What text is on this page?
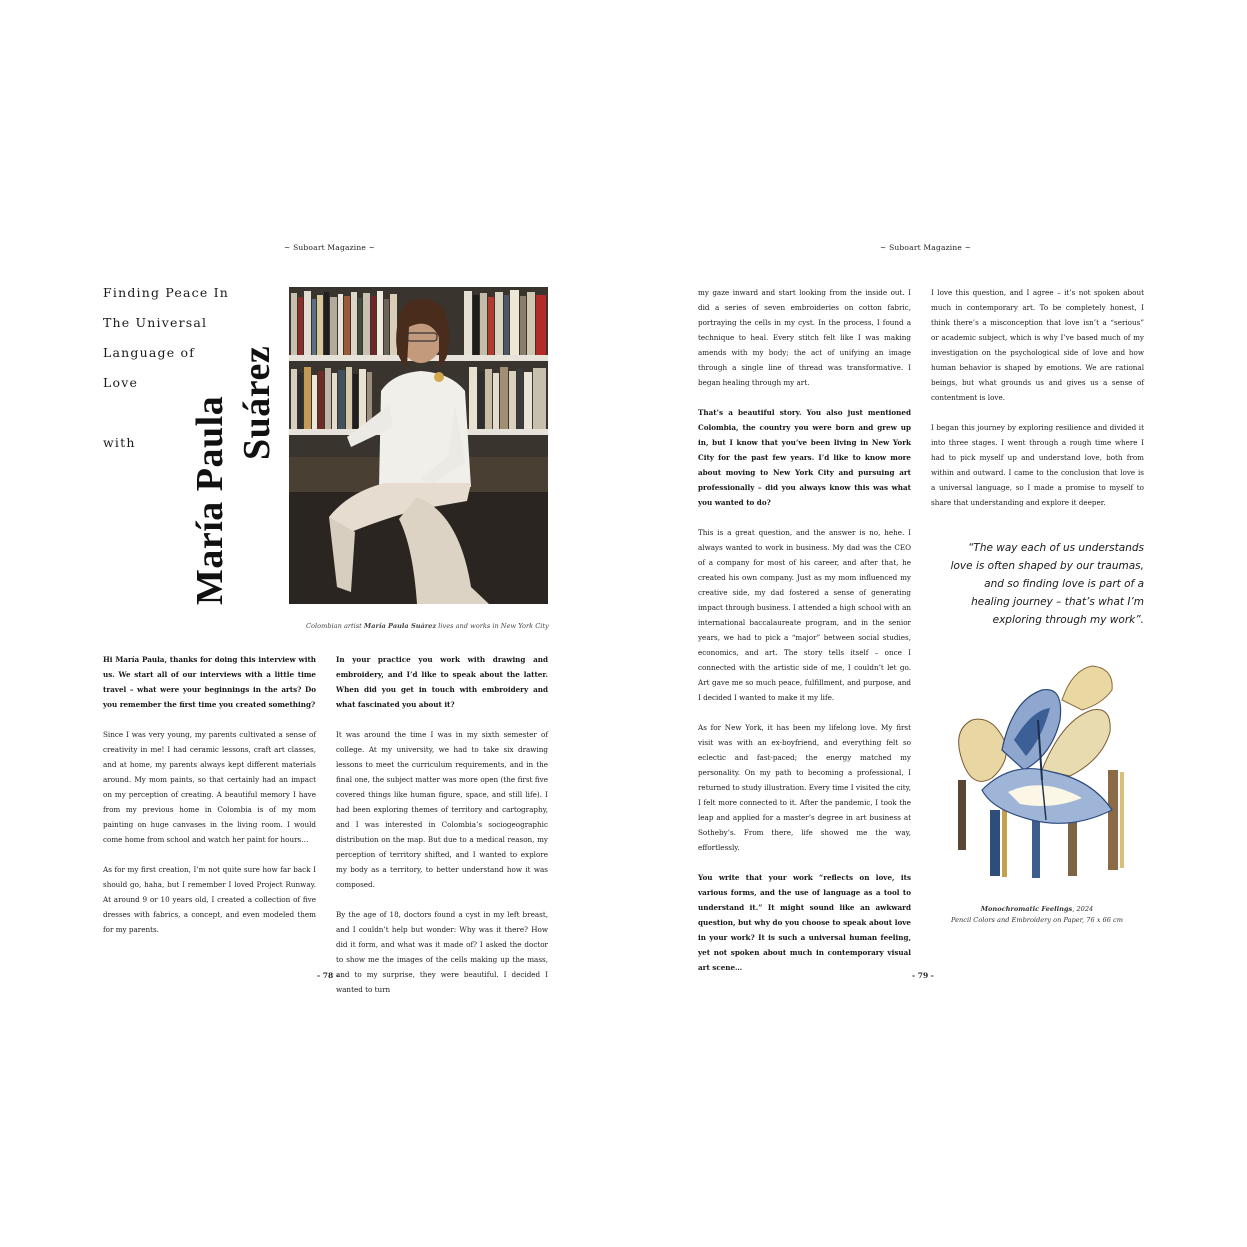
~ Suboart Magazine ~
Finding Peace In
The Universal
Language of
Love
with María Paula Suárez
Colombian artist María Paula Suárez lives and works in New York City

Hi María Paula, thanks for doing this interview with us. We start all of our interviews with a little time travel – what were your beginnings in the arts? Do you remember the first time you created something?

Since I was very young, my parents cultivated a sense of creativity in me! I had ceramic lessons, craft art classes, and at home, my parents always kept different materials around. My mom paints, so that certainly had an impact on my perception of creating. A beautiful memory I have from my previous home in Colombia is of my mom painting on huge canvases in the living room. I would come home from school and watch her paint for hours…

As for my first creation, I’m not quite sure how far back I should go, haha, but I remember I loved Project Runway. At around 9 or 10 years old, I created a collection of five dresses with fabrics, a concept, and even modeled them for my parents.

In your practice you work with drawing and embroidery, and I’d like to speak about the latter. When did you get in touch with embroidery and what fascinated you about it?

It was around the time I was in my sixth semester of college. At my university, we had to take six drawing lessons to meet the curriculum requirements, and in the final one, the subject matter was more open (the first five covered things like human figure, space, and still life). I had been exploring themes of territory and cartography, and I was interested in Colombia’s sociogeographic distribution on the map. But due to a medical reason, my perception of territory shifted, and I wanted to explore my body as a territory, to better understand how it was composed.

By the age of 18, doctors found a cyst in my left breast, and I couldn’t help but wonder: Why was it there? How did it form, and what was it made of? I asked the doctor to show me the images of the cells making up the mass, and to my surprise, they were beautiful. I decided I wanted to turn

- 78 -
~ Suboart Magazine ~

my gaze inward and start looking from the inside out. I did a series of seven embroideries on cotton fabric, portraying the cells in my cyst. In the process, I found a technique to heal. Every stitch felt like I was making amends with my body; the act of unifying an image through a single line of thread was transformative. I began healing through my art.

That’s a beautiful story. You also just mentioned Colombia, the country you were born and grew up in, but I know that you’ve been living in New York City for the past few years. I’d like to know more about moving to New York City and pursuing art professionally – did you always know this was what you wanted to do?

This is a great question, and the answer is no, hehe. I always wanted to work in business. My dad was the CEO of a company for most of his career, and after that, he created his own company. Just as my mom influenced my creative side, my dad fostered a sense of generating impact through business. I attended a high school with an international baccalaureate program, and in the senior years, we had to pick a “major” between social studies, economics, and art. The story tells itself – once I connected with the artistic side of me, I couldn’t let go. Art gave me so much peace, fulfillment, and purpose, and I decided I wanted to make it my life.

As for New York, it has been my lifelong love. My first visit was with an ex-boyfriend, and everything felt so eclectic and fast-paced; the energy matched my personality. On my path to becoming a professional, I returned to study illustration. Every time I visited the city, I felt more connected to it. After the pandemic, I took the leap and applied for a master’s degree in art business at Sotheby’s. From there, life showed me the way, effortlessly.

You write that your work “reflects on love, its various forms, and the use of language as a tool to understand it.” It might sound like an awkward question, but why do you choose to speak about love in your work? It is such a universal human feeling, yet not spoken about much in contemporary visual art scene…

I love this question, and I agree – it’s not spoken about much in contemporary art. To be completely honest, I think there’s a misconception that love isn’t a “serious” or academic subject, which is why I’ve based much of my investigation on the psychological side of love and how human behavior is shaped by emotions. We are rational beings, but what grounds us and gives us a sense of contentment is love.

I began this journey by exploring resilience and divided it into three stages. I went through a rough time where I had to pick myself up and understand love, both from within and outward. I came to the conclusion that love is a universal language, so I made a promise to myself to share that understanding and explore it deeper.

“The way each of us understands love is often shaped by our traumas, and so finding love is part of a healing journey – that’s what I’m exploring through my work”.
Monochromatic Feelings, 2024
Pencil Colors and Embroidery on Paper, 76 x 66 cm
- 79 -
